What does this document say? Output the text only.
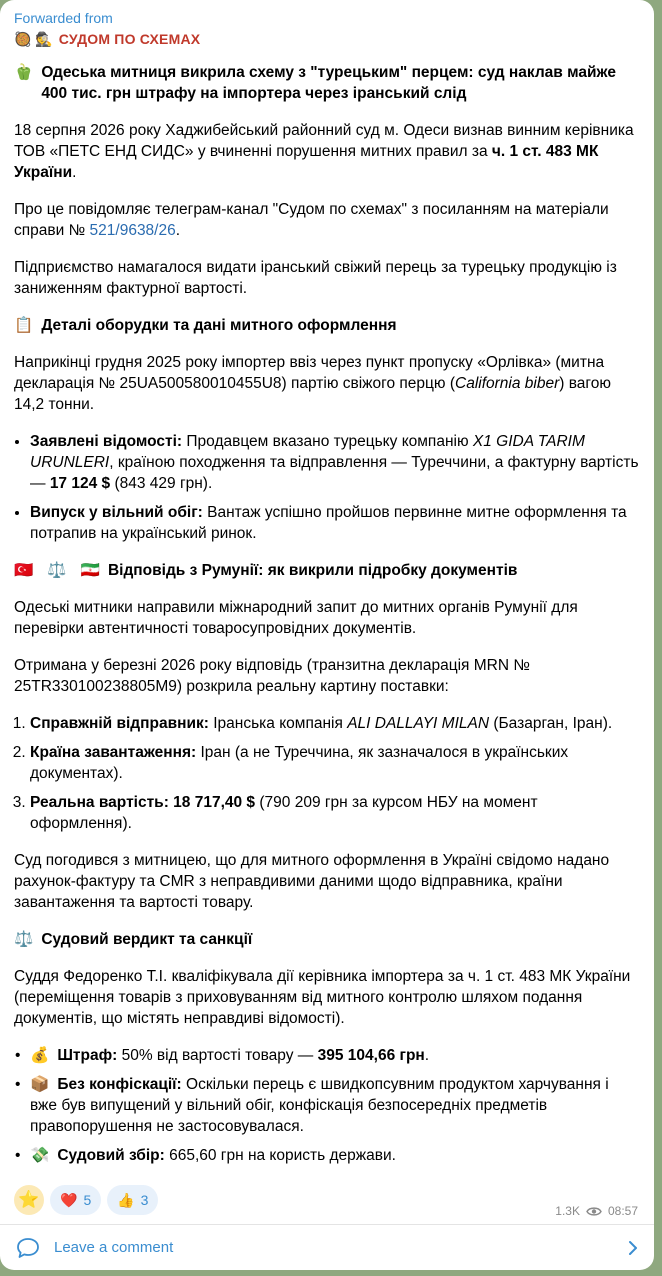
Forwarded from
🥘 🕵️ СУДОМ ПО СХЕМАХ

🫑 Одеська митниця викрила схему з "турецьким" перцем: суд наклав майже 400 тис. грн штрафу на імпортера через іранський слід

18 серпня 2026 року Хаджибейський районний суд м. Одеси визнав винним керівника ТОВ «ПЕТС ЕНД СИДС» у вчиненні порушення митних правил за ч. 1 ст. 483 МК України.

Про це повідомляє телеграм-канал "Судом по схемах" з посиланням на матеріали справи № 521/9638/26.

Підприємство намагалося видати іранський свіжий перець за турецьку продукцію із заниженням фактурної вартості.

📋 Деталі оборудки та дані митного оформлення

Наприкінці грудня 2025 року імпортер ввіз через пункт пропуску «Орлівка» (митна декларація № 25UA500580010455U8) партію свіжого перцю (California biber) вагою 14,2 тонни.

• Заявлені відомості: Продавцем вказано турецьку компанію X1 GIDA TARIM URUNLERI, країною походження та відправлення — Туреччини, а фактурну вартість — 17 124 $ (843 429 грн).
• Випуск у вільний обіг: Вантаж успішно пройшов первинне митне оформлення та потрапив на український ринок.

🇹🇷 ⚖️ 🇮🇷 Відповідь з Румунії: як викрили підробку документів

Одеські митники направили міжнародний запит до митних органів Румунії для перевірки автентичності товаросупровідних документів.

Отримана у березні 2026 року відповідь (транзитна декларація MRN № 25TR330100238805M9) розкрила реальну картину поставки:

1. Справжній відправник: Іранська компанія ALI DALLAYI MILAN (Базарган, Іран).
2. Країна завантаження: Іран (а не Туреччина, як зазначалося в українських документах).
3. Реальна вартість: 18 717,40 $ (790 209 грн за курсом НБУ на момент оформлення).

Суд погодився з митницею, що для митного оформлення в Україні свідомо надано рахунок-фактуру та CMR з неправдивими даними щодо відправника, країни завантаження та вартості товару.

⚖️ Судовий вердикт та санкції

Суддя Федоренко Т.І. кваліфікувала дії керівника імпортера за ч. 1 ст. 483 МК України (переміщення товарів з приховуванням від митного контролю шляхом подання документів, що містять неправдиві відомості).

• 💰 Штраф: 50% від вартості товару — 395 104,66 грн.
• 📦 Без конфіскації: Оскільки перець є швидкопсувним продуктом харчування і вже був випущений у вільний обіг, конфіскація безпосередніх предметів правопорушення не застосовувалася.
• 💸 Судовий збір: 665,60 грн на користь держави.
⭐ ❤️ 5 👍 3
1.3K 08:57
Leave a comment
